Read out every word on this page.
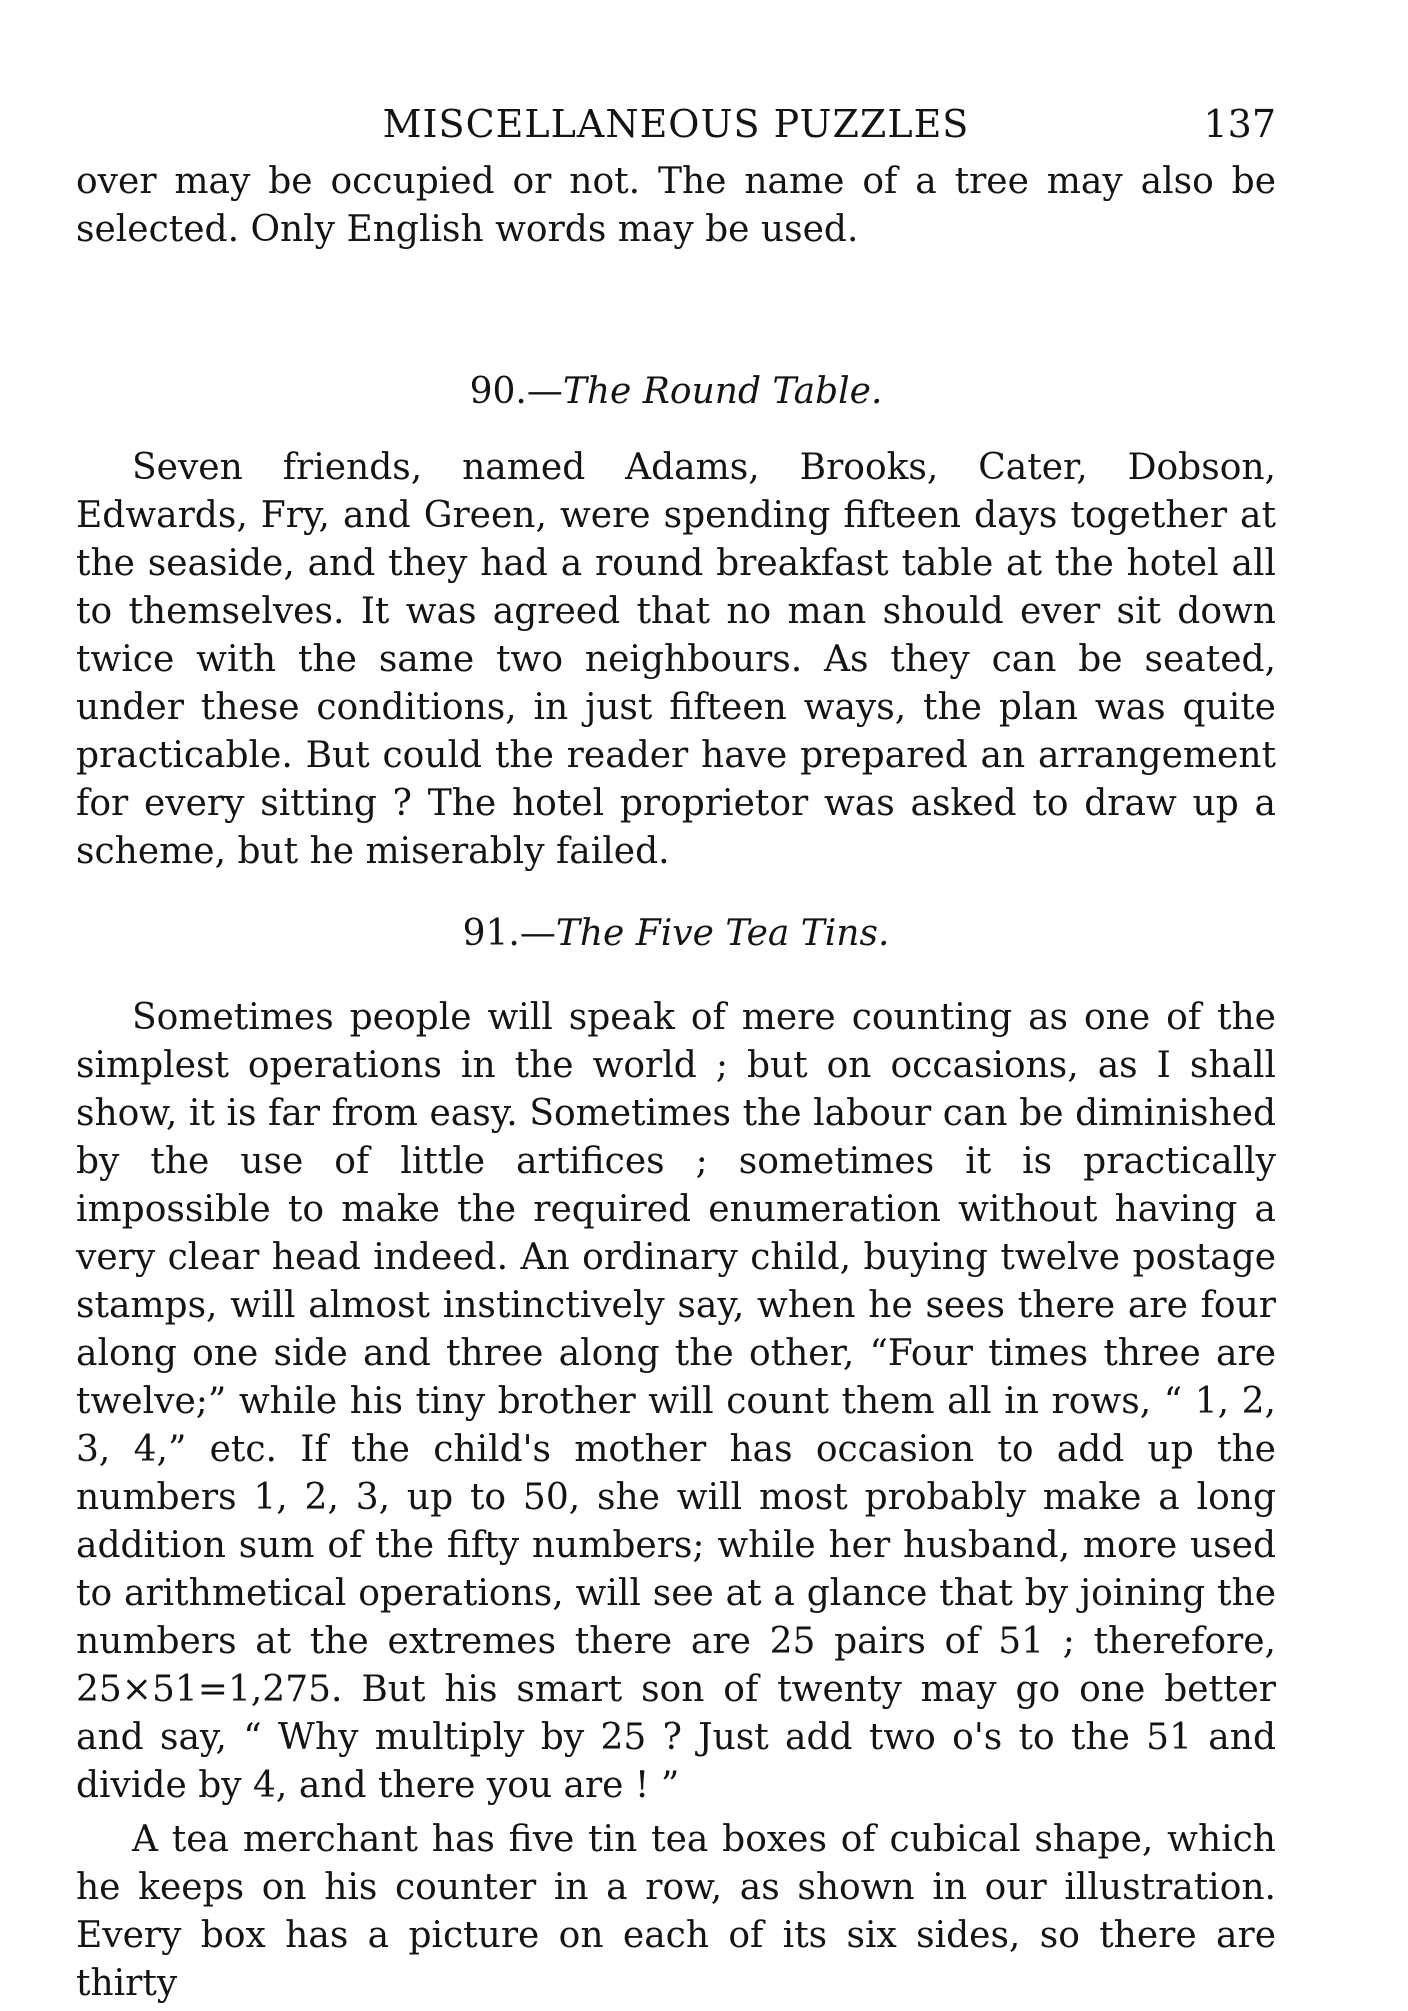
MISCELLANEOUS PUZZLES	137

over may be occupied or not. The name of a tree may also be selected. Only English words may be used.

90.—The Round Table.

Seven friends, named Adams, Brooks, Cater, Dobson, Edwards, Fry, and Green, were spending fifteen days together at the seaside, and they had a round breakfast table at the hotel all to themselves. It was agreed that no man should ever sit down twice with the same two neighbours. As they can be seated, under these conditions, in just fifteen ways, the plan was quite practicable. But could the reader have prepared an arrangement for every sitting ? The hotel proprietor was asked to draw up a scheme, but he miserably failed.

91.—The Five Tea Tins.

Sometimes people will speak of mere counting as one of the simplest operations in the world ; but on occasions, as I shall show, it is far from easy. Sometimes the labour can be diminished by the use of little artifices ; sometimes it is practically impossible to make the required enumeration without having a very clear head indeed. An ordinary child, buying twelve postage stamps, will almost instinctively say, when he sees there are four along one side and three along the other, “Four times three are twelve;” while his tiny brother will count them all in rows, “ 1, 2, 3, 4,” etc. If the child's mother has occasion to add up the numbers 1, 2, 3, up to 50, she will most probably make a long addition sum of the fifty numbers; while her husband, more used to arithmetical operations, will see at a glance that by joining the numbers at the extremes there are 25 pairs of 51 ; therefore, 25×51=1,275. But his smart son of twenty may go one better and say, “ Why multiply by 25 ? Just add two o's to the 51 and divide by 4, and there you are ! ”

A tea merchant has five tin tea boxes of cubical shape, which he keeps on his counter in a row, as shown in our illustration. Every box has a picture on each of its six sides, so there are thirty
